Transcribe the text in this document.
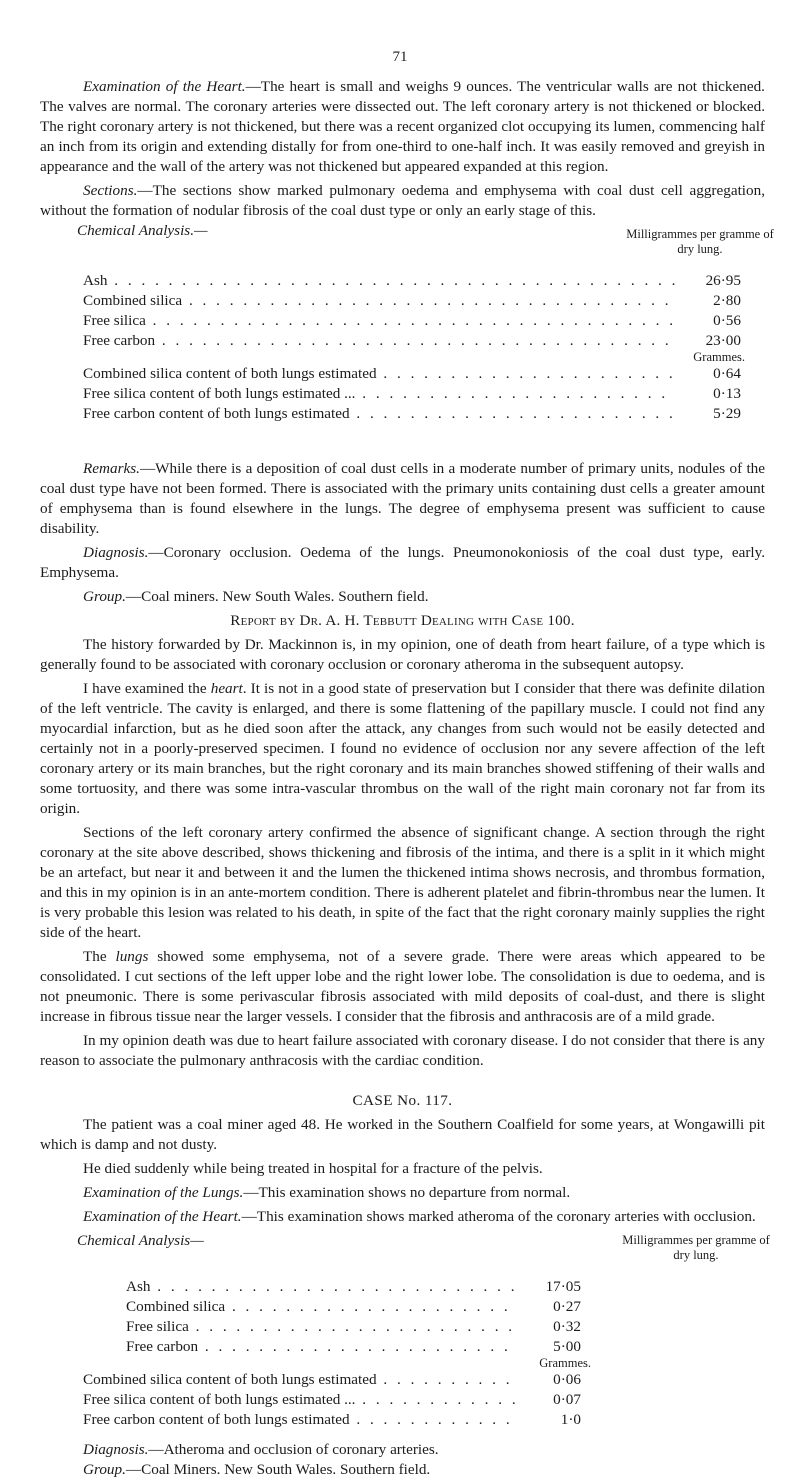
71

Examination of the Heart.—The heart is small and weighs 9 ounces. The ventricular walls are not thickened. The valves are normal. The coronary arteries were dissected out. The left coronary artery is not thickened or blocked. The right coronary artery is not thickened, but there was a recent organized clot occupying its lumen, commencing half an inch from its origin and extending distally for from one-third to one-half inch. It was easily removed and greyish in appearance and the wall of the artery was not thickened but appeared expanded at this region.

Sections.—The sections show marked pulmonary oedema and emphysema with coal dust cell aggregation, without the formation of nodular fibrosis of the coal dust type or only an early stage of this.

Chemical Analysis.—	Milligrammes per gramme of dry lung.
Ash . . .	26·95
Combined silica . . .	2·80
Free silica . . .	0·56
Free carbon . . .	23·00
Grammes.
Combined silica content of both lungs estimated . . .	0·64
Free silica content of both lungs estimated ... . . .	0·13
Free carbon content of both lungs estimated . . .	5·29

Remarks.—While there is a deposition of coal dust cells in a moderate number of primary units, nodules of the coal dust type have not been formed. There is associated with the primary units containing dust cells a greater amount of emphysema than is found elsewhere in the lungs. The degree of emphysema present was sufficient to cause disability.

Diagnosis.—Coronary occlusion. Oedema of the lungs. Pneumonokoniosis of the coal dust type, early. Emphysema.

Group.—Coal miners. New South Wales. Southern field.

Report by Dr. A. H. Tebbutt Dealing with Case 100.

The history forwarded by Dr. Mackinnon is, in my opinion, one of death from heart failure, of a type which is generally found to be associated with coronary occlusion or coronary atheroma in the subsequent autopsy.

I have examined the heart. It is not in a good state of preservation but I consider that there was definite dilation of the left ventricle. The cavity is enlarged, and there is some flattening of the papillary muscle. I could not find any myocardial infarction, but as he died soon after the attack, any changes from such would not be easily detected and certainly not in a poorly-preserved specimen. I found no evidence of occlusion nor any severe affection of the left coronary artery or its main branches, but the right coronary and its main branches showed stiffening of their walls and some tortuosity, and there was some intra-vascular thrombus on the wall of the right main coronary not far from its origin.

Sections of the left coronary artery confirmed the absence of significant change. A section through the right coronary at the site above described, shows thickening and fibrosis of the intima, and there is a split in it which might be an artefact, but near it and between it and the lumen the thickened intima shows necrosis, and thrombus formation, and this in my opinion is in an ante-mortem condition. There is adherent platelet and fibrin-thrombus near the lumen. It is very probable this lesion was related to his death, in spite of the fact that the right coronary mainly supplies the right side of the heart.

The lungs showed some emphysema, not of a severe grade. There were areas which appeared to be consolidated. I cut sections of the left upper lobe and the right lower lobe. The consolidation is due to oedema, and is not pneumonic. There is some perivascular fibrosis associated with mild deposits of coal-dust, and there is slight increase in fibrous tissue near the larger vessels. I consider that the fibrosis and anthracosis are of a mild grade.

In my opinion death was due to heart failure associated with coronary disease. I do not consider that there is any reason to associate the pulmonary anthracosis with the cardiac condition.

CASE No. 117.

The patient was a coal miner aged 48. He worked in the Southern Coalfield for some years, at Wongawilli pit which is damp and not dusty.

He died suddenly while being treated in hospital for a fracture of the pelvis.

Examination of the Lungs.—This examination shows no departure from normal.

Examination of the Heart.—This examination shows marked atheroma of the coronary arteries with occlusion.

Chemical Analysis—	Milligrammes per gramme of dry lung.
Ash . . .	17·05
Combined silica . . .	0·27
Free silica . . .	0·32
Free carbon . . .	5·00
Grammes.
Combined silica content of both lungs estimated . . .	0·06
Free silica content of both lungs estimated ... . . .	0·07
Free carbon content of both lungs estimated . . .	1·0

Diagnosis.—Atheroma and occlusion of coronary arteries.

Group.—Coal Miners. New South Wales. Southern field.
